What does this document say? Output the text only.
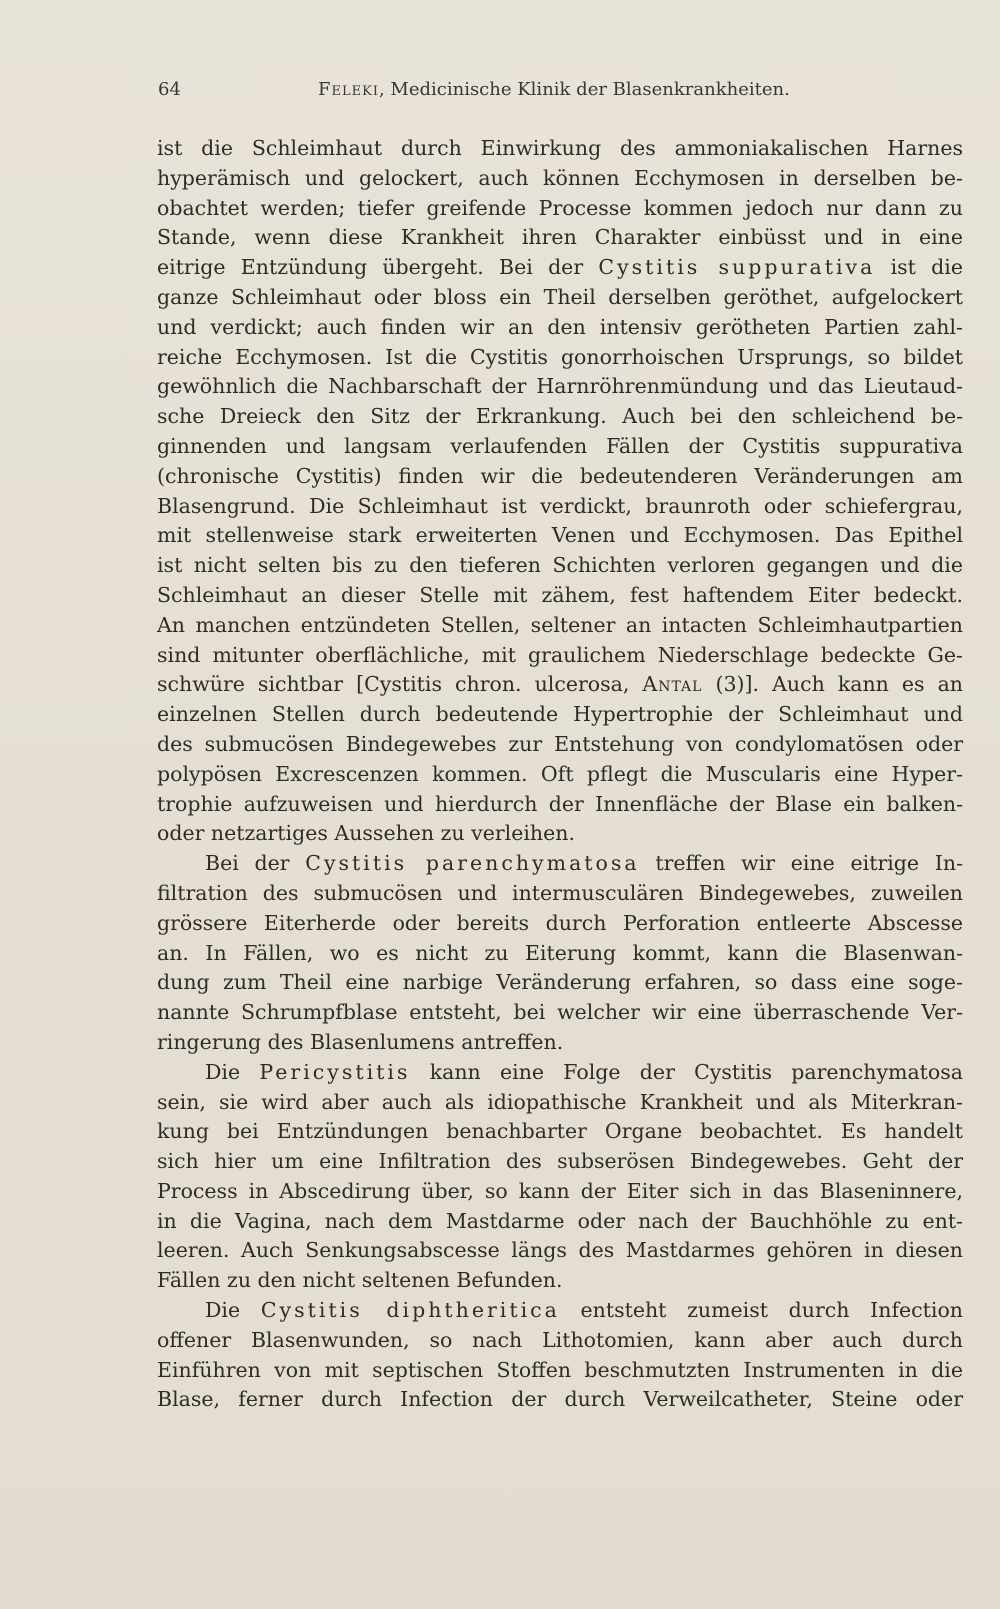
64	Feleki, Medicinische Klinik der Blasenkrankheiten.
ist die Schleimhaut durch Einwirkung des ammoniakalischen Harnes
hyperämisch und gelockert, auch können Ecchymosen in derselben be-
obachtet werden; tiefer greifende Processe kommen jedoch nur dann zu
Stande, wenn diese Krankheit ihren Charakter einbüsst und in eine
eitrige Entzündung übergeht. Bei der Cystitis suppurativa ist die
ganze Schleimhaut oder bloss ein Theil derselben geröthet, aufgelockert
und verdickt; auch finden wir an den intensiv gerötheten Partien zahl-
reiche Ecchymosen. Ist die Cystitis gonorrhoischen Ursprungs, so bildet
gewöhnlich die Nachbarschaft der Harnröhrenmündung und das Lieutaud-
sche Dreieck den Sitz der Erkrankung. Auch bei den schleichend be-
ginnenden und langsam verlaufenden Fällen der Cystitis suppurativa
(chronische Cystitis) finden wir die bedeutenderen Veränderungen am
Blasengrund. Die Schleimhaut ist verdickt, braunroth oder schiefergrau,
mit stellenweise stark erweiterten Venen und Ecchymosen. Das Epithel
ist nicht selten bis zu den tieferen Schichten verloren gegangen und die
Schleimhaut an dieser Stelle mit zähem, fest haftendem Eiter bedeckt.
An manchen entzündeten Stellen, seltener an intacten Schleimhautpartien
sind mitunter oberflächliche, mit graulichem Niederschlage bedeckte Ge-
schwüre sichtbar [Cystitis chron. ulcerosa, Antal (3)]. Auch kann es an
einzelnen Stellen durch bedeutende Hypertrophie der Schleimhaut und
des submucösen Bindegewebes zur Entstehung von condylomatösen oder
polypösen Excrescenzen kommen. Oft pflegt die Muscularis eine Hyper-
trophie aufzuweisen und hierdurch der Innenfläche der Blase ein balken-
oder netzartiges Aussehen zu verleihen.
Bei der Cystitis parenchymatosa treffen wir eine eitrige In-
filtration des submucösen und intermusculären Bindegewebes, zuweilen
grössere Eiterherde oder bereits durch Perforation entleerte Abscesse
an. In Fällen, wo es nicht zu Eiterung kommt, kann die Blasenwan-
dung zum Theil eine narbige Veränderung erfahren, so dass eine soge-
nannte Schrumpfblase entsteht, bei welcher wir eine überraschende Ver-
ringerung des Blasenlumens antreffen.
Die Pericystitis kann eine Folge der Cystitis parenchymatosa
sein, sie wird aber auch als idiopathische Krankheit und als Miterkran-
kung bei Entzündungen benachbarter Organe beobachtet. Es handelt
sich hier um eine Infiltration des subserösen Bindegewebes. Geht der
Process in Abscedirung über, so kann der Eiter sich in das Blaseninnere,
in die Vagina, nach dem Mastdarme oder nach der Bauchhöhle zu ent-
leeren. Auch Senkungsabscesse längs des Mastdarmes gehören in diesen
Fällen zu den nicht seltenen Befunden.
Die Cystitis diphtheritica entsteht zumeist durch Infection
offener Blasenwunden, so nach Lithotomien, kann aber auch durch
Einführen von mit septischen Stoffen beschmutzten Instrumenten in die
Blase, ferner durch Infection der durch Verweilcatheter, Steine oder
